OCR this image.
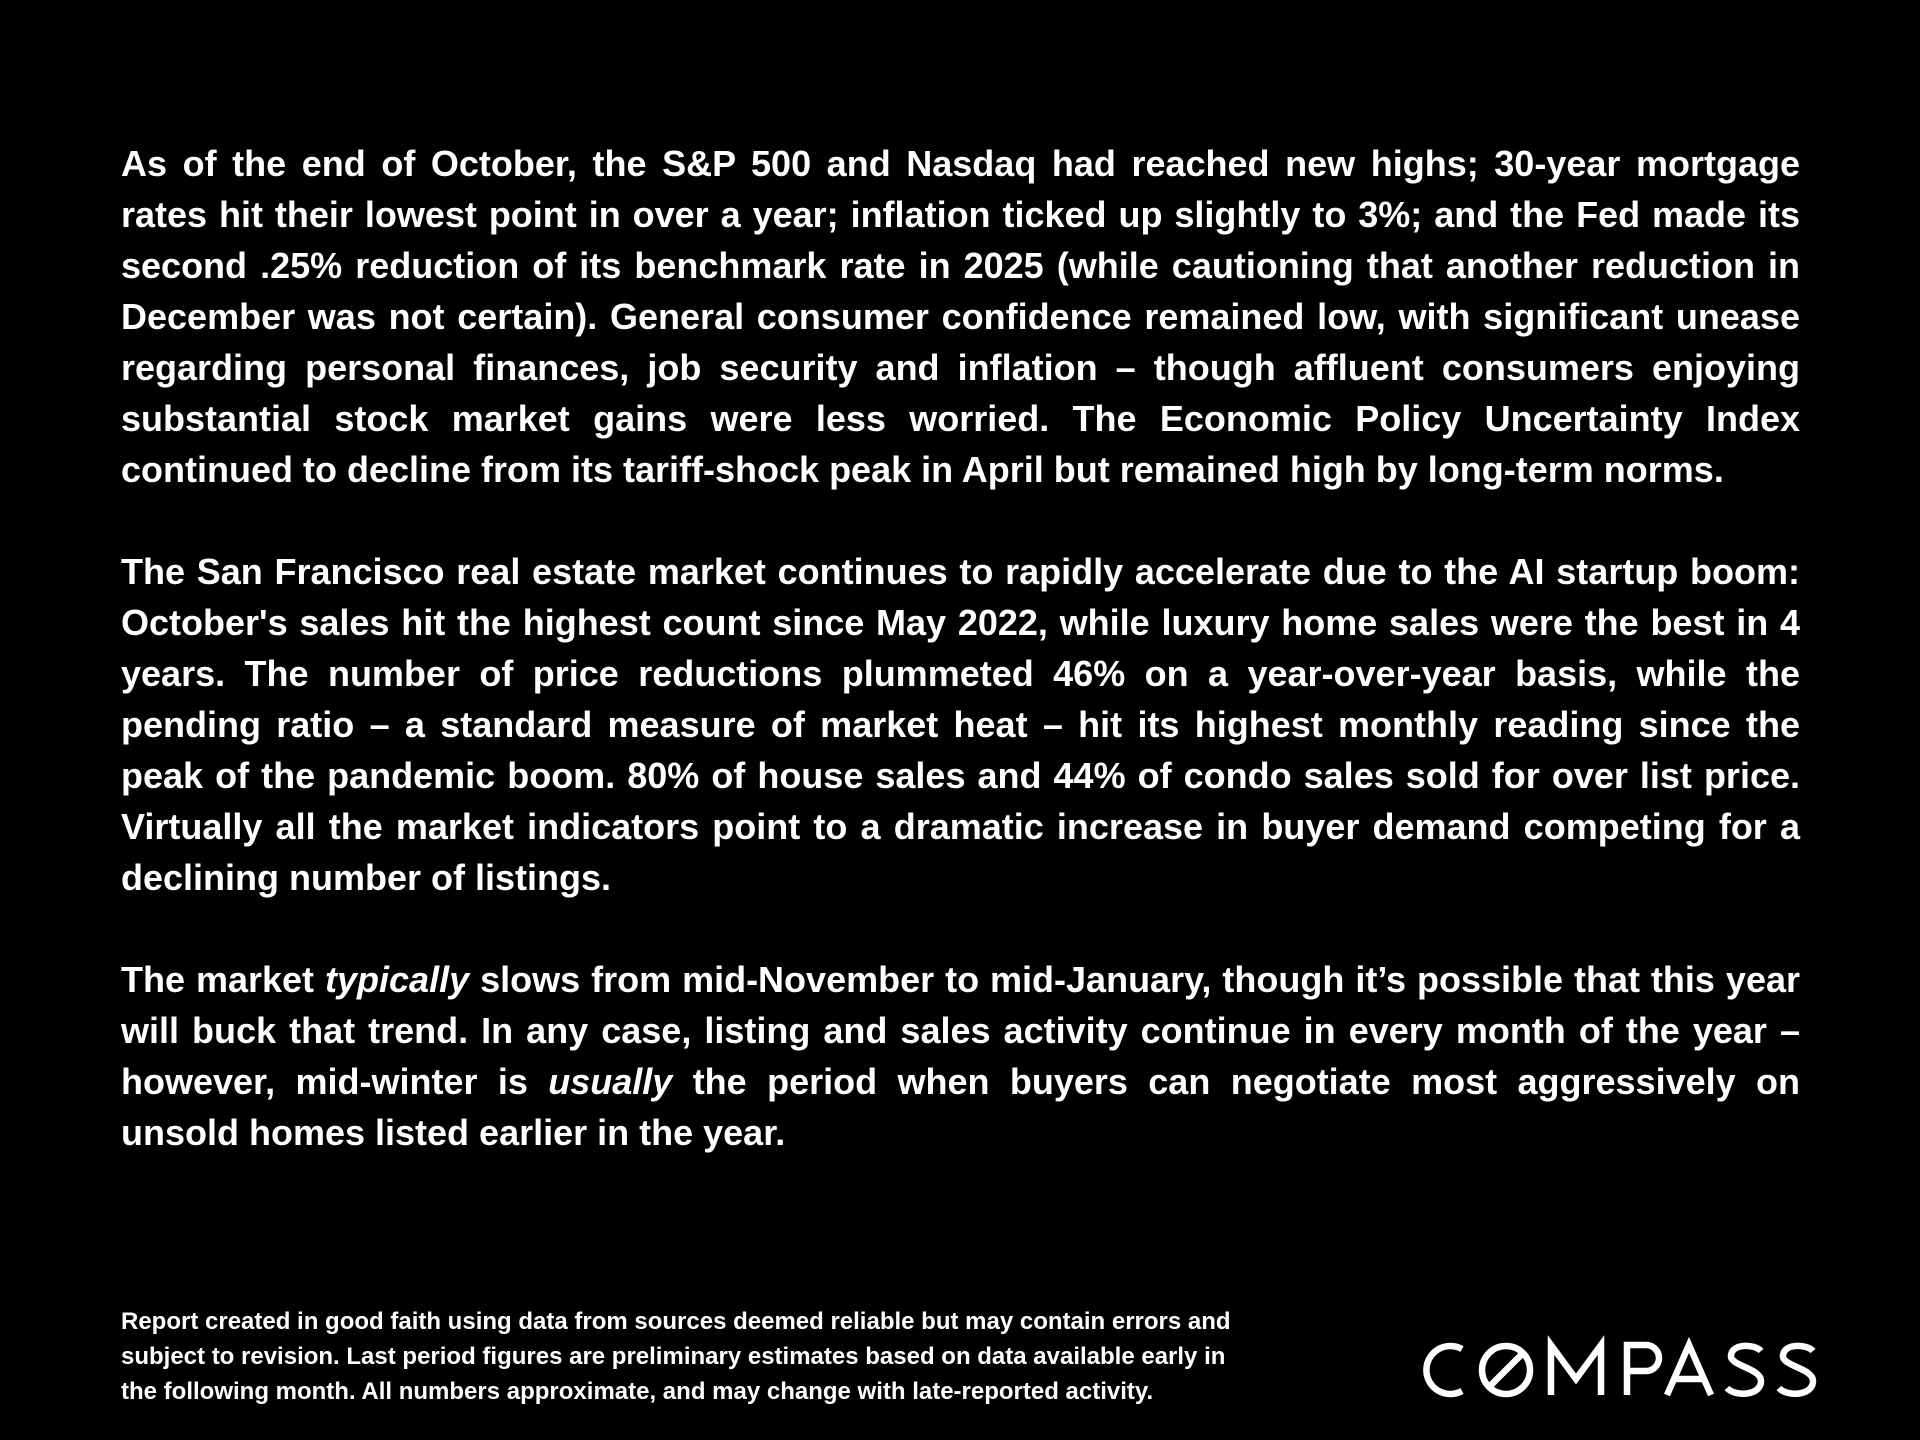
As of the end of October, the S&P 500 and Nasdaq had reached new highs; 30-year mortgage rates hit their lowest point in over a year; inflation ticked up slightly to 3%; and the Fed made its second .25% reduction of its benchmark rate in 2025 (while cautioning that another reduction in December was not certain). General consumer confidence remained low, with significant unease regarding personal finances, job security and inflation – though affluent consumers enjoying substantial stock market gains were less worried. The Economic Policy Uncertainty Index continued to decline from its tariff-shock peak in April but remained high by long-term norms.

The San Francisco real estate market continues to rapidly accelerate due to the AI startup boom: October's sales hit the highest count since May 2022, while luxury home sales were the best in 4 years. The number of price reductions plummeted 46% on a year-over-year basis, while the pending ratio – a standard measure of market heat – hit its highest monthly reading since the peak of the pandemic boom. 80% of house sales and 44% of condo sales sold for over list price. Virtually all the market indicators point to a dramatic increase in buyer demand competing for a declining number of listings.

The market typically slows from mid-November to mid-January, though it’s possible that this year will buck that trend. In any case, listing and sales activity continue in every month of the year – however, mid-winter is usually the period when buyers can negotiate most aggressively on unsold homes listed earlier in the year.

Report created in good faith using data from sources deemed reliable but may contain errors and
subject to revision. Last period figures are preliminary estimates based on data available early in
the following month. All numbers approximate, and may change with late-reported activity.
